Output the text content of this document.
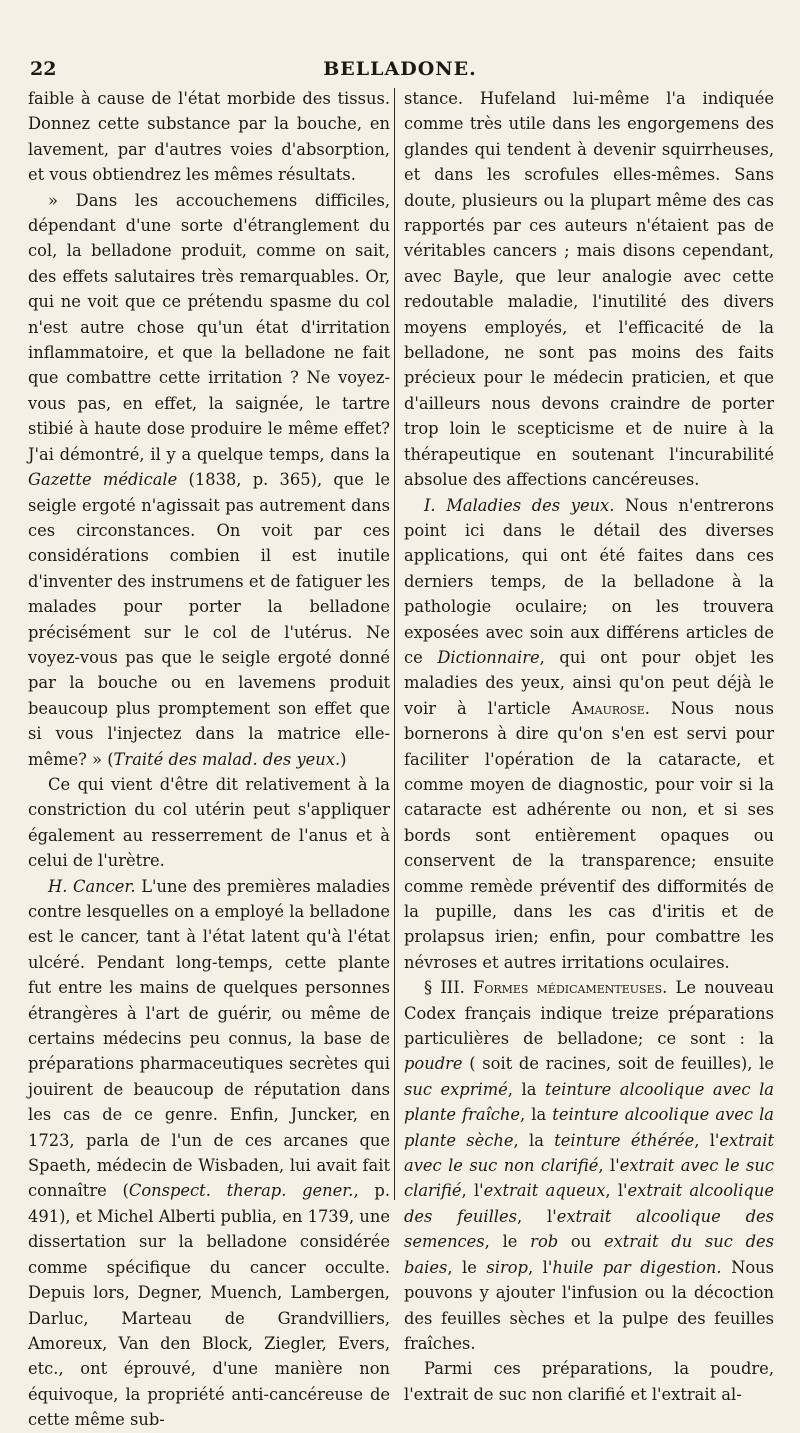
22	BELLADONE.

faible à cause de l'état morbide des tissus. Donnez cette substance par la bouche, en lavement, par d'autres voies d'absorption, et vous obtiendrez les mêmes résultats.

» Dans les accouchemens difficiles, dépendant d'une sorte d'étranglement du col, la belladone produit, comme on sait, des effets salutaires très remarquables. Or, qui ne voit que ce prétendu spasme du col n'est autre chose qu'un état d'irritation inflammatoire, et que la belladone ne fait que combattre cette irritation ? Ne voyez-vous pas, en effet, la saignée, le tartre stibié à haute dose produire le même effet? J'ai démontré, il y a quelque temps, dans la Gazette médicale (1838, p. 365), que le seigle ergoté n'agissait pas autrement dans ces circonstances. On voit par ces considérations combien il est inutile d'inventer des instrumens et de fatiguer les malades pour porter la belladone précisément sur le col de l'utérus. Ne voyez-vous pas que le seigle ergoté donné par la bouche ou en lavemens produit beaucoup plus promptement son effet que si vous l'injectez dans la matrice elle-même? » (Traité des malad. des yeux.)

Ce qui vient d'être dit relativement à la constriction du col utérin peut s'appliquer également au resserrement de l'anus et à celui de l'urètre.

H. Cancer. L'une des premières maladies contre lesquelles on a employé la belladone est le cancer, tant à l'état latent qu'à l'état ulcéré. Pendant long-temps, cette plante fut entre les mains de quelques personnes étrangères à l'art de guérir, ou même de certains médecins peu connus, la base de préparations pharmaceutiques secrètes qui jouirent de beaucoup de réputation dans les cas de ce genre. Enfin, Juncker, en 1723, parla de l'un de ces arcanes que Spaeth, médecin de Wisbaden, lui avait fait connaître (Conspect. therap. gener., p. 491), et Michel Alberti publia, en 1739, une dissertation sur la belladone considérée comme spécifique du cancer occulte. Depuis lors, Degner, Muench, Lambergen, Darluc, Marteau de Grandvilliers, Amoreux, Van den Block, Ziegler, Evers, etc., ont éprouvé, d'une manière non équivoque, la propriété anti-cancéreuse de cette même sub-

stance. Hufeland lui-même l'a indiquée comme très utile dans les engorgemens des glandes qui tendent à devenir squirrheuses, et dans les scrofules elles-mêmes. Sans doute, plusieurs ou la plupart même des cas rapportés par ces auteurs n'étaient pas de véritables cancers ; mais disons cependant, avec Bayle, que leur analogie avec cette redoutable maladie, l'inutilité des divers moyens employés, et l'efficacité de la belladone, ne sont pas moins des faits précieux pour le médecin praticien, et que d'ailleurs nous devons craindre de porter trop loin le scepticisme et de nuire à la thérapeutique en soutenant l'incurabilité absolue des affections cancéreuses.

I. Maladies des yeux. Nous n'entrerons point ici dans le détail des diverses applications, qui ont été faites dans ces derniers temps, de la belladone à la pathologie oculaire; on les trouvera exposées avec soin aux différens articles de ce Dictionnaire, qui ont pour objet les maladies des yeux, ainsi qu'on peut déjà le voir à l'article Amaurose. Nous nous bornerons à dire qu'on s'en est servi pour faciliter l'opération de la cataracte, et comme moyen de diagnostic, pour voir si la cataracte est adhérente ou non, et si ses bords sont entièrement opaques ou conservent de la transparence; ensuite comme remède préventif des difformités de la pupille, dans les cas d'iritis et de prolapsus irien; enfin, pour combattre les névroses et autres irritations oculaires.

§ III. Formes médicamenteuses. Le nouveau Codex français indique treize préparations particulières de belladone; ce sont : la poudre ( soit de racines, soit de feuilles), le suc exprimé, la teinture alcoolique avec la plante fraîche, la teinture alcoolique avec la plante sèche, la teinture éthérée, l'extrait avec le suc non clarifié, l'extrait avec le suc clarifié, l'extrait aqueux, l'extrait alcoolique des feuilles, l'extrait alcoolique des semences, le rob ou extrait du suc des baies, le sirop, l'huile par digestion. Nous pouvons y ajouter l'infusion ou la décoction des feuilles sèches et la pulpe des feuilles fraîches.

Parmi ces préparations, la poudre, l'extrait de suc non clarifié et l'extrait al-
